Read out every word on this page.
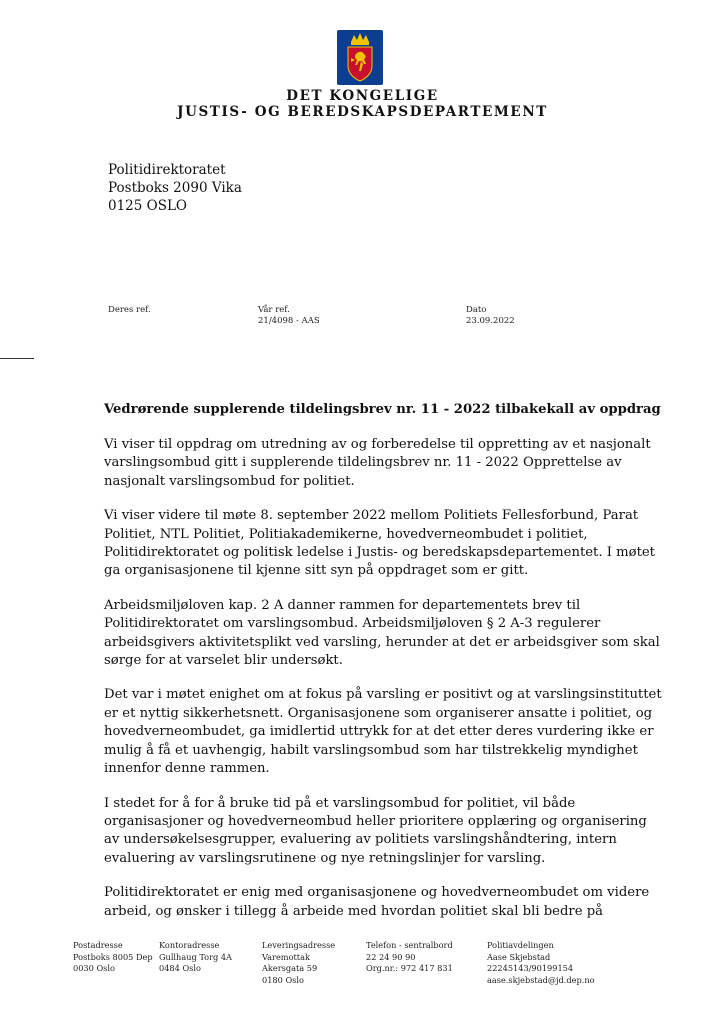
DET KONGELIGE
JUSTIS- OG BEREDSKAPSDEPARTEMENT
Politidirektoratet
Postboks 2090 Vika
0125 OSLO
Deres ref.	Vår ref.
21/4098 - AAS
Dato
23.09.2022
Vedrørende supplerende tildelingsbrev nr. 11 - 2022 tilbakekall av oppdrag

Vi viser til oppdrag om utredning av og forberedelse til oppretting av et nasjonalt varslingsombud gitt i supplerende tildelingsbrev nr. 11 - 2022 Opprettelse av nasjonalt varslingsombud for politiet.

Vi viser videre til møte 8. september 2022 mellom Politiets Fellesforbund, Parat Politiet, NTL Politiet, Politiakademikerne, hovedverneombudet i politiet, Politidirektoratet og politisk ledelse i Justis- og beredskapsdepartementet. I møtet ga organisasjonene til kjenne sitt syn på oppdraget som er gitt.

Arbeidsmiljøloven kap. 2 A danner rammen for departementets brev til Politidirektoratet om varslingsombud. Arbeidsmiljøloven § 2 A-3 regulerer arbeidsgivers aktivitetsplikt ved varsling, herunder at det er arbeidsgiver som skal sørge for at varselet blir undersøkt.

Det var i møtet enighet om at fokus på varsling er positivt og at varslingsinstituttet er et nyttig sikkerhetsnett. Organisasjonene som organiserer ansatte i politiet, og hovedverneombudet, ga imidlertid uttrykk for at det etter deres vurdering ikke er mulig å få et uavhengig, habilt varslingsombud som har tilstrekkelig myndighet innenfor denne rammen.

I stedet for å for å bruke tid på et varslingsombud for politiet, vil både organisasjoner og hovedverneombud heller prioritere opplæring og organisering av undersøkelsesgrupper, evaluering av politiets varslingshåndtering, intern evaluering av varslingsrutinene og nye retningslinjer for varsling.

Politidirektoratet er enig med organisasjonene og hovedverneombudet om videre arbeid, og ønsker i tillegg å arbeide med hvordan politiet skal bli bedre på

Postadresse
Postboks 8005 Dep
0030 Oslo
Kontoradresse
Gullhaug Torg 4A
0484 Oslo
Leveringsadresse
Varemottak
Akersgata 59
0180 Oslo
Telefon - sentralbord
22 24 90 90
Org.nr.: 972 417 831
Politiavdelingen
Aase Skjebstad
22245143/90199154
aase.skjebstad@jd.dep.no
